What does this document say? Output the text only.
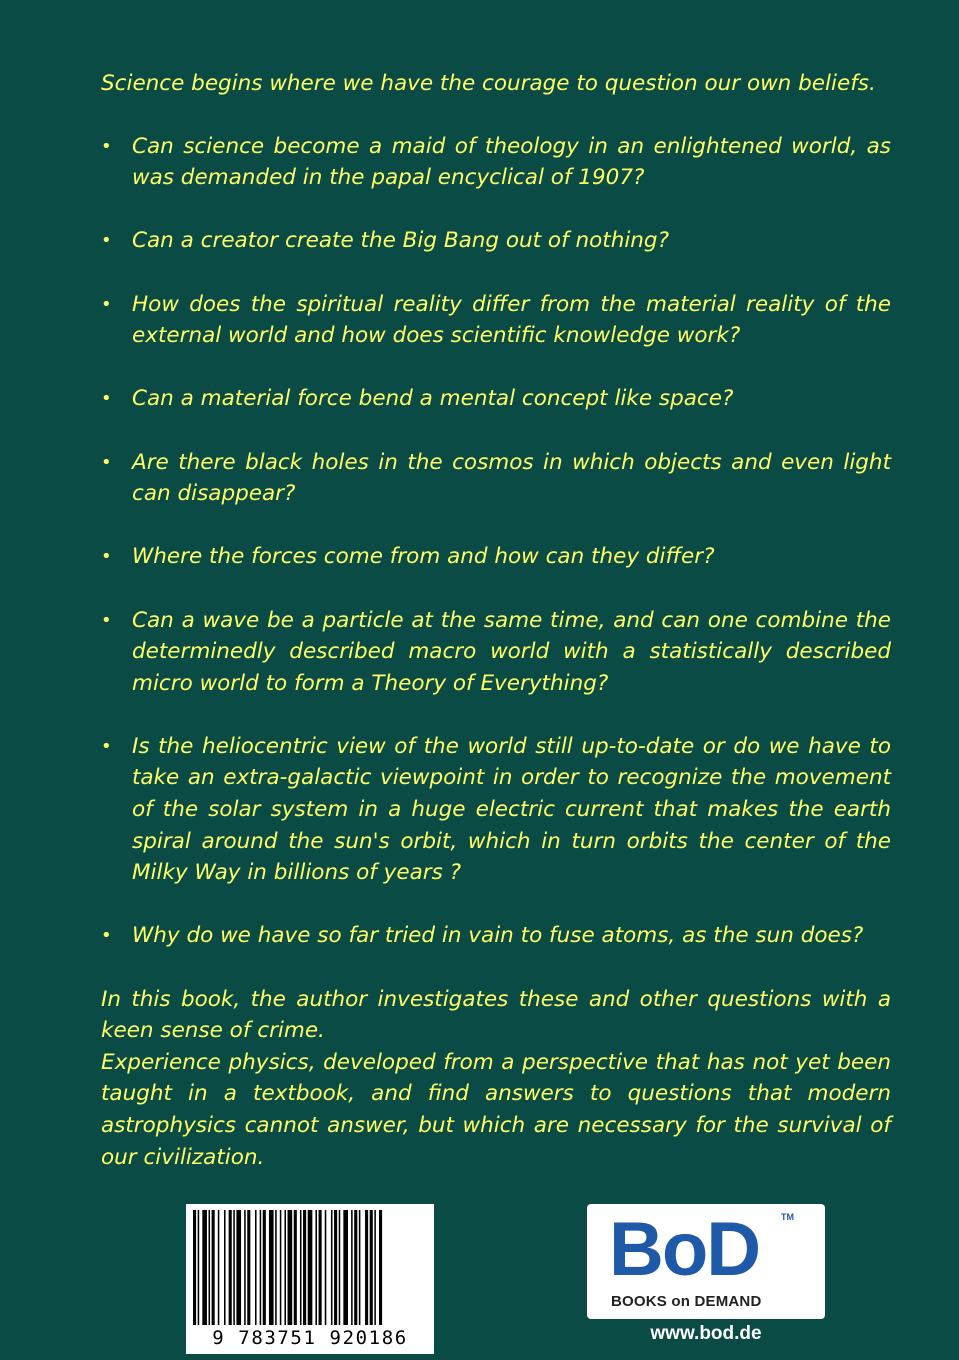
Science begins where we have the courage to question our own beliefs.

• Can science become a maid of theology in an enlightened world, as was demanded in the papal encyclical of 1907?
• Can a creator create the Big Bang out of nothing?
• How does the spiritual reality differ from the material reality of the external world and how does scientific knowledge work?
• Can a material force bend a mental concept like space?
• Are there black holes in the cosmos in which objects and even light can disappear?
• Where the forces come from and how can they differ?
• Can a wave be a particle at the same time, and can one combine the determinedly described macro world with a statistically described micro world to form a Theory of Everything?
• Is the heliocentric view of the world still up-to-date or do we have to take an extra-galactic viewpoint in order to recognize the movement of the solar system in a huge electric current that makes the earth spiral around the sun's orbit, which in turn orbits the center of the Milky Way in billions of years ?
• Why do we have so far tried in vain to fuse atoms, as the sun does?

In this book, the author investigates these and other questions with a keen sense of crime.

Experience physics, developed from a perspective that has not yet been taught in a textbook, and find answers to questions that modern astrophysics cannot answer, but which are necessary for the survival of our civilization.

9 783751 920186
BoD TM
BOOKS on DEMAND
www.bod.de
